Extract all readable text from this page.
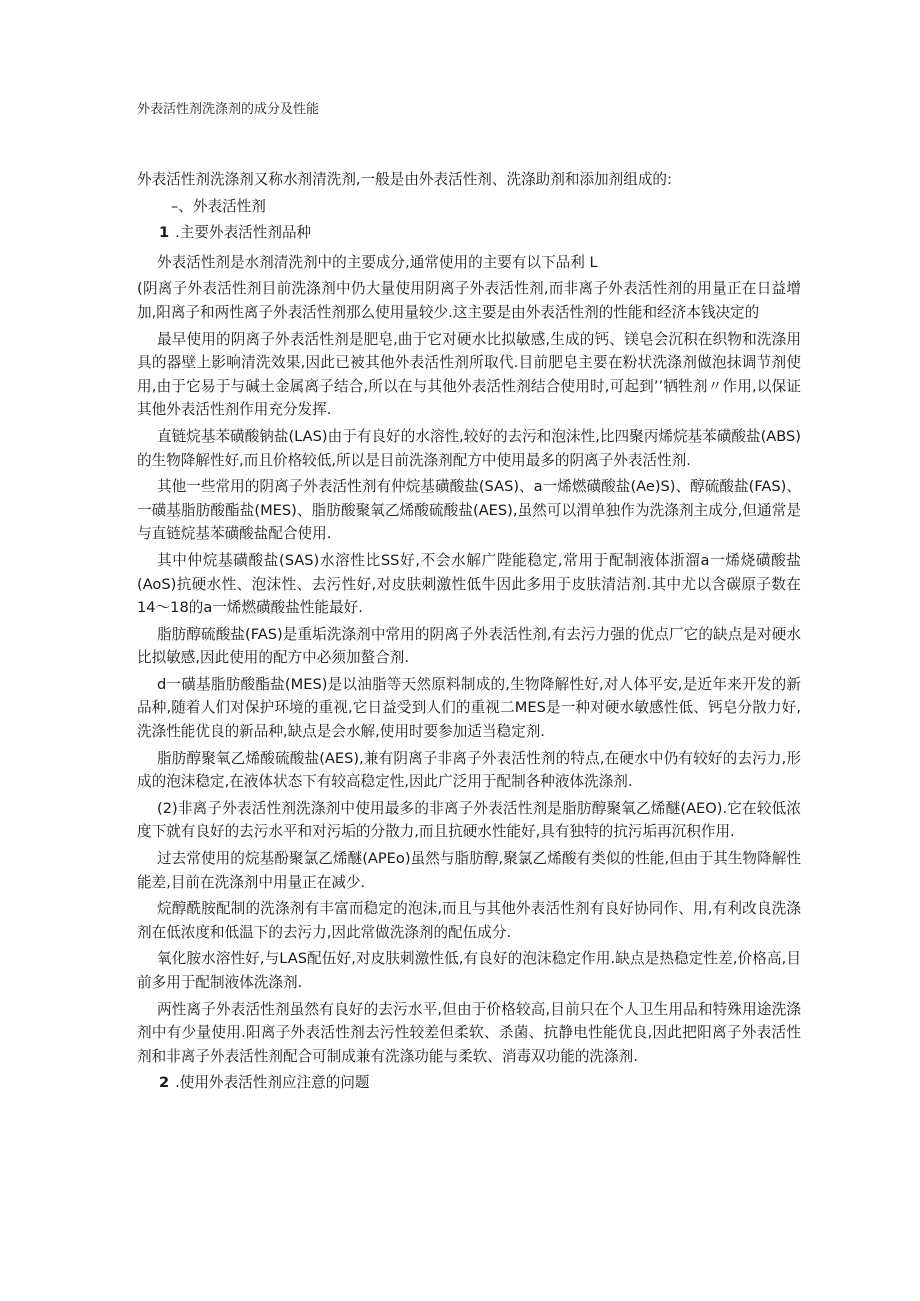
外表活性剂洗涤剂的成分及性能

外表活性剂洗涤剂又称水剂清洗剂,一般是由外表活性剂、洗涤助剂和添加剂组成的:

–、外表活性剂

1 .主要外表活性剂品种

外表活性剂是水剂清洗剂中的主要成分,通常使用的主要有以下品利 L

(阴离子外表活性剂目前洗涤剂中仍大量使用阴离子外表活性剂,而非离子外表活性剂的用量正在日益增加,阳离子和两性离子外表活性剂那么使用量较少.这主要是由外表活性剂的性能和经济本钱决定的

最早使用的阴离子外表活性剂是肥皂,曲于它对硬水比拟敏感,生成的钙、镁皂会沉积在织物和洗涤用具的器壁上影响清洗效果,因此已被其他外表活性剂所取代.目前肥皂主要在粉状洗涤剂做泡抹调节剂使用,由于它易于与碱土金属离子结合,所以在与其他外表活性剂结合使用时,可起到’’牺牲剂〃作用,以保证其他外表活性剂作用充分发挥.

直链烷基苯磺酸钠盐(LAS)由于有良好的水溶性,较好的去污和泡沫性,比四聚丙烯烷基苯磺酸盐(ABS)的生物降解性好,而且价格较低,所以是目前洗涤剂配方中使用最多的阴离子外表活性剂.

其他一些常用的阴离子外表活性剂有仲烷基磺酸盐(SAS)、a一烯燃磺酸盐(Ae)S)、醇硫酸盐(FAS)、一磺基脂肪酸酯盐(MES)、脂肪酸聚氧乙烯酸硫酸盐(AES),虽然可以渭单独作为洗涤剂主成分,但通常是与直链烷基苯磺酸盐配合使用.

其中仲烷基磺酸盐(SAS)水溶性比SS好,不会水解广陛能稳定,常用于配制液体浙溜a一烯烧磺酸盐(AoS)抗硬水性、泡沫性、去污性好,对皮肤刺激性低牛因此多用于皮肤清洁剂.其中尤以含碳原子数在14〜18的a一烯燃磺酸盐性能最好.

脂肪醇硫酸盐(FAS)是重垢洗涤剂中常用的阴离子外表活性剂,有去污力强的优点厂它的缺点是对硬水比拟敏感,因此使用的配方中必须加螯合剂.

d一磺基脂肪酸酯盐(MES)是以油脂等天然原料制成的,生物降解性好,对人体平安,是近年来开发的新品种,随着人们对保护环境的重视,它日益受到人们的重视二MES是一种对硬水敏感性低、钙皂分散力好,洗涤性能优良的新品种,缺点是会水解,使用时要参加适当稳定剂.

脂肪醇聚氧乙烯酸硫酸盐(AES),兼有阴离子非离子外表活性剂的特点,在硬水中仍有较好的去污力,形成的泡沫稳定,在液体状态下有较高稳定性,因此广泛用于配制各种液体洗涤剂.

(2)非离子外表活性剂洗涤剂中使用最多的非离子外表活性剂是脂肪醇聚氧乙烯醚(AEO).它在较低浓度下就有良好的去污水平和对污垢的分散力,而且抗硬水性能好,具有独特的抗污垢再沉积作用.

过去常使用的烷基酚聚氯乙烯醚(APEo)虽然与脂肪醇,聚氯乙烯酸有类似的性能,但由于其生物降解性能差,目前在洗涤剂中用量正在减少.

烷醇酰胺配制的洗涤剂有丰富而稳定的泡沫,而且与其他外表活性剂有良好协同作、用,有利改良洗涤剂在低浓度和低温下的去污力,因此常做洗涤剂的配伍成分.

氧化胺水溶性好,与LAS配伍好,对皮肤刺激性低,有良好的泡沫稳定作用.缺点是热稳定性差,价格高,目前多用于配制液体洗涤剂.

两性离子外表活性剂虽然有良好的去污水平,但由于价格较高,目前只在个人卫生用品和特殊用途洗涤剂中有少量使用.阳离子外表活性剂去污性较差但柔软、杀菌、抗静电性能优良,因此把阳离子外表活性剂和非离子外表活性剂配合可制成兼有洗涤功能与柔软、消毒双功能的洗涤剂.

2 .使用外表活性剂应注意的问题
